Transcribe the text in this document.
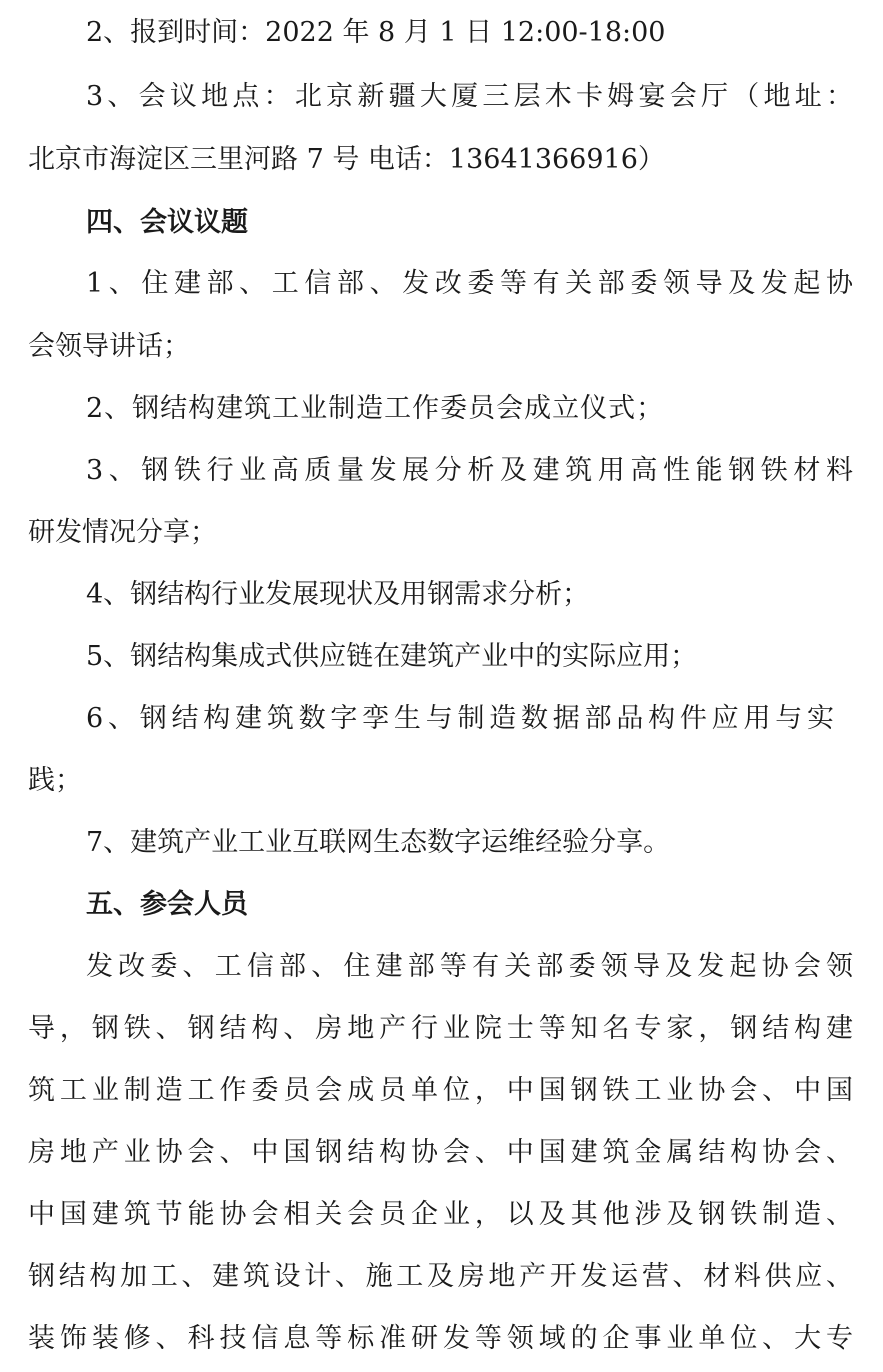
2、报到时间：2022 年 8 月 1 日 12:00-18:00
3、会议地点：北京新疆大厦三层木卡姆宴会厅（地址：
北京市海淀区三里河路 7 号 电话：13641366916）
四、会议议题
1、住建部、工信部、发改委等有关部委领导及发起协
会领导讲话；
2、钢结构建筑工业制造工作委员会成立仪式；
3、钢铁行业高质量发展分析及建筑用高性能钢铁材料
研发情况分享；
4、钢结构行业发展现状及用钢需求分析；
5、钢结构集成式供应链在建筑产业中的实际应用；
6、钢结构建筑数字孪生与制造数据部品构件应用与实
践；
7、建筑产业工业互联网生态数字运维经验分享。
五、参会人员
发改委、工信部、住建部等有关部委领导及发起协会领
导，钢铁、钢结构、房地产行业院士等知名专家，钢结构建
筑工业制造工作委员会成员单位，中国钢铁工业协会、中国
房地产业协会、中国钢结构协会、中国建筑金属结构协会、
中国建筑节能协会相关会员企业，以及其他涉及钢铁制造、
钢结构加工、建筑设计、施工及房地产开发运营、材料供应、
装饰装修、科技信息等标准研发等领域的企事业单位、大专
